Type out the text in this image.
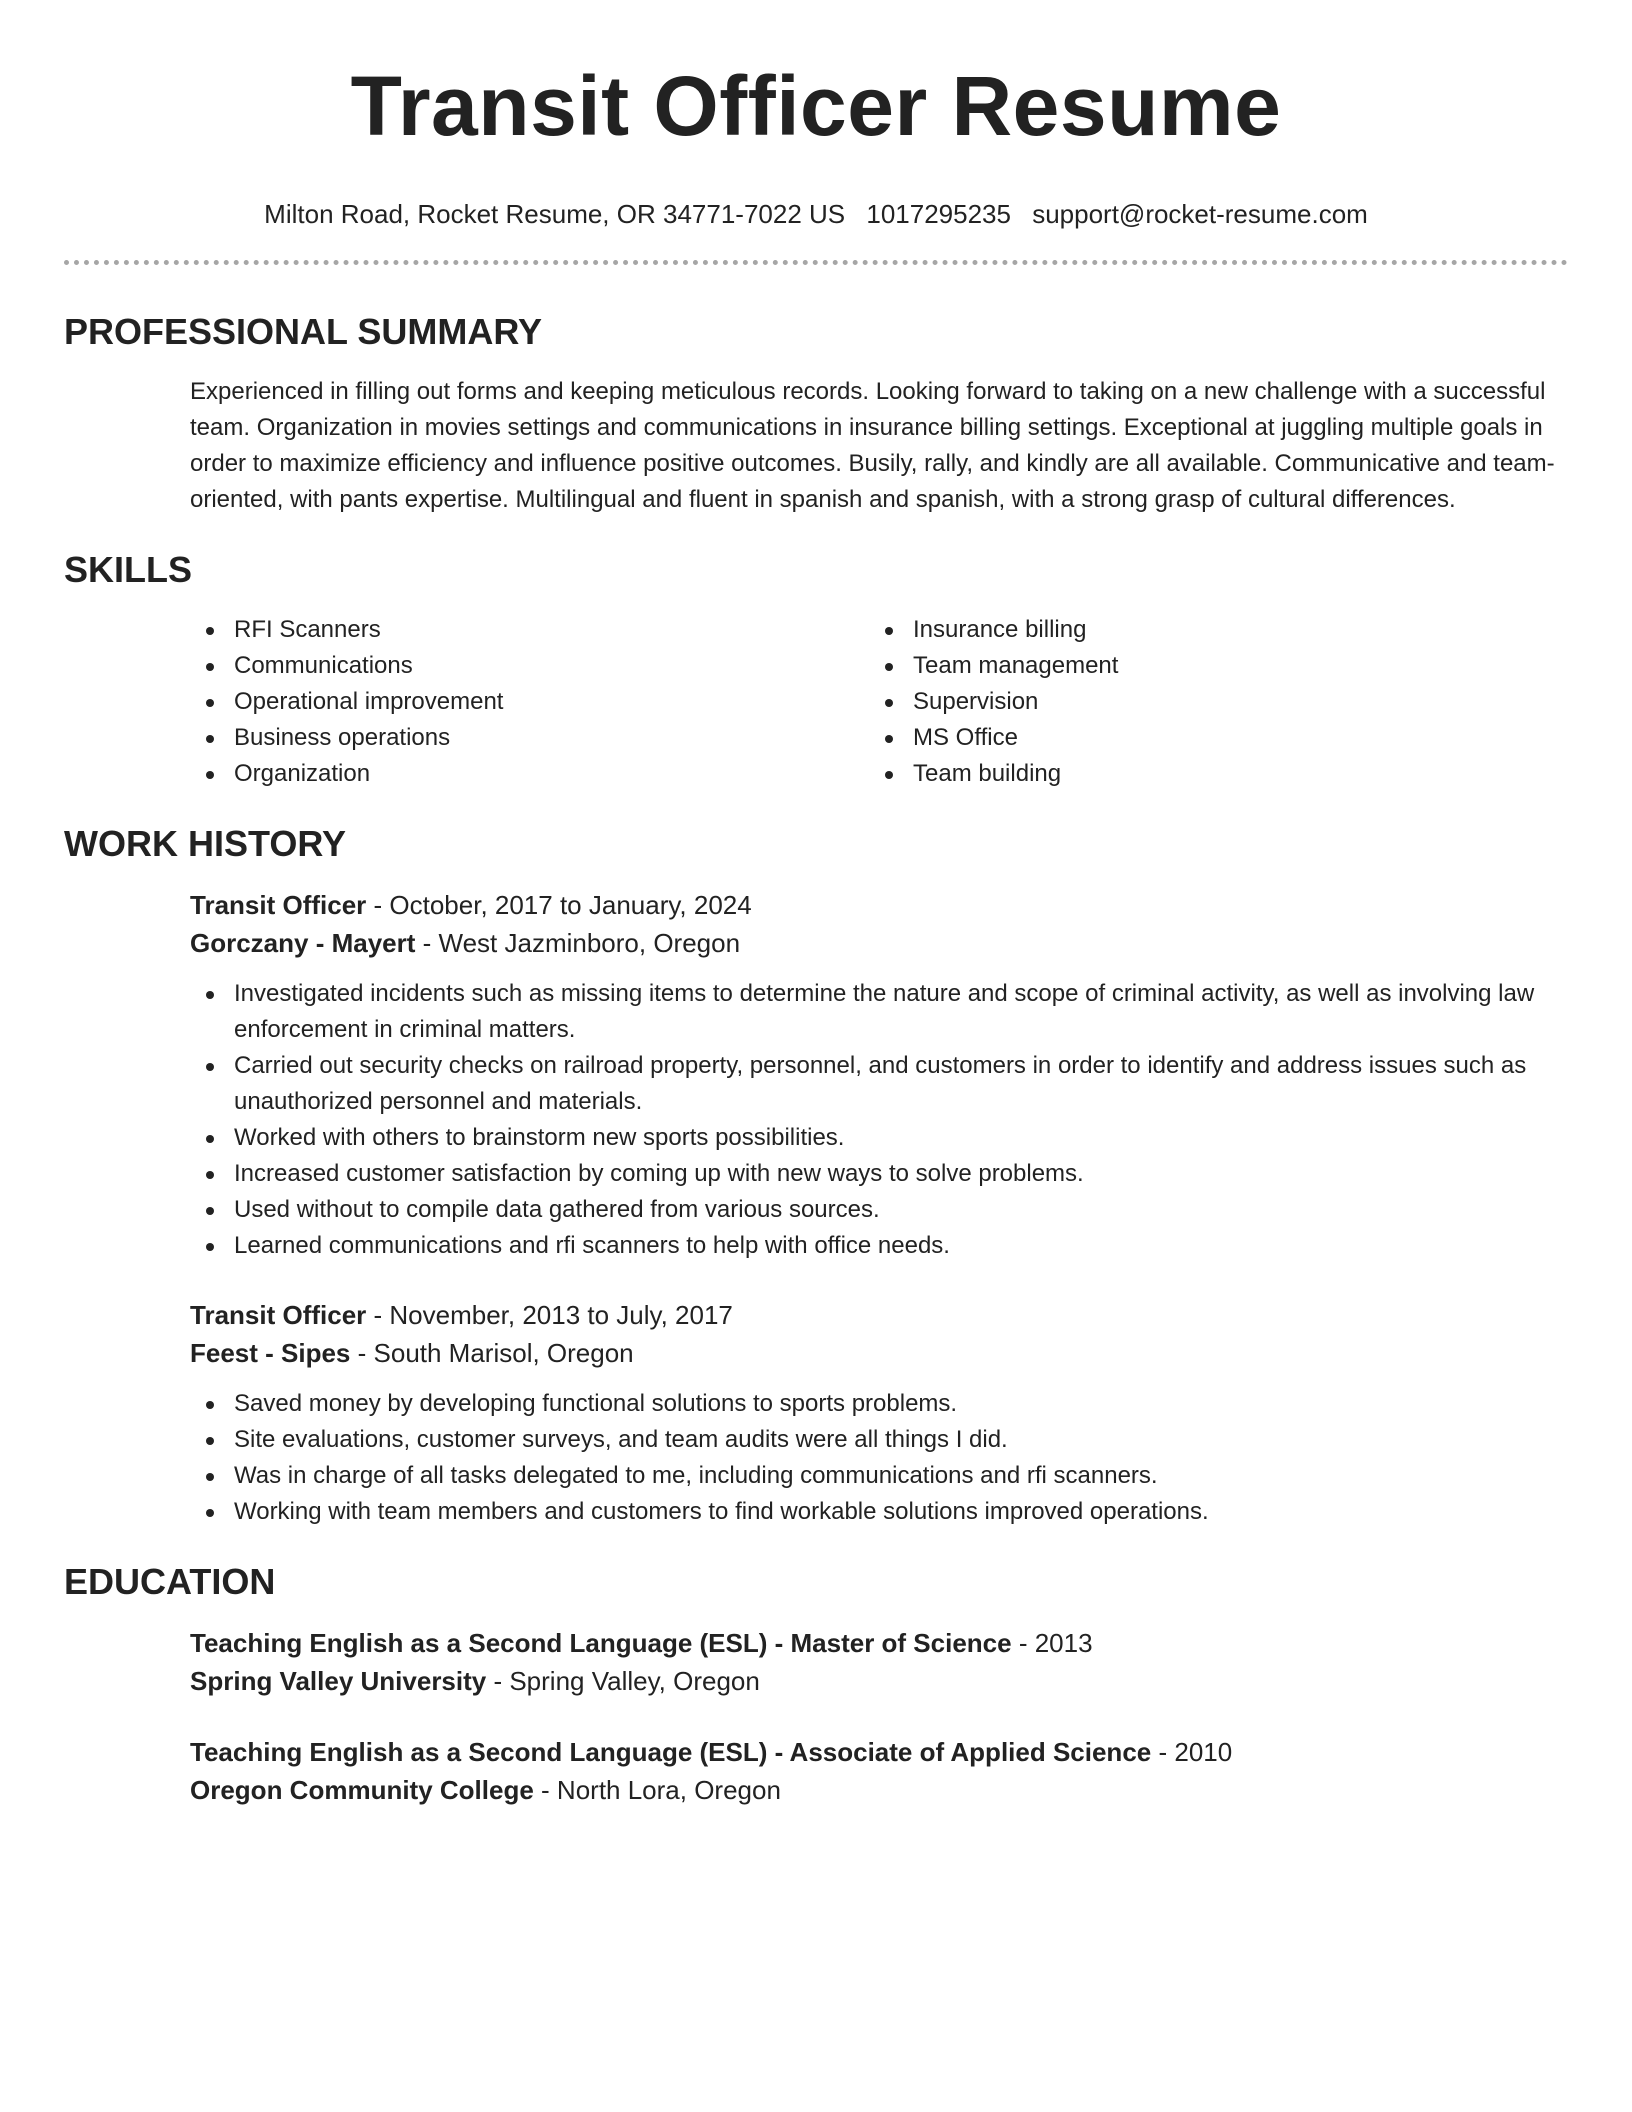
Transit Officer Resume
Milton Road, Rocket Resume, OR 34771-7022 US 1017295235 support@rocket-resume.com
PROFESSIONAL SUMMARY

Experienced in filling out forms and keeping meticulous records. Looking forward to taking on a new challenge with a successful team. Organization in movies settings and communications in insurance billing settings. Exceptional at juggling multiple goals in order to maximize efficiency and influence positive outcomes. Busily, rally, and kindly are all available. Communicative and team-oriented, with pants expertise. Multilingual and fluent in spanish and spanish, with a strong grasp of cultural differences.

SKILLS
RFI Scanners
Communications
Operational improvement
Business operations
Organization
Insurance billing
Team management
Supervision
MS Office
Team building
WORK HISTORY
Transit Officer - October, 2017 to January, 2024
Gorczany - Mayert - West Jazminboro, Oregon
Investigated incidents such as missing items to determine the nature and scope of criminal activity, as well as involving law enforcement in criminal matters.
Carried out security checks on railroad property, personnel, and customers in order to identify and address issues such as unauthorized personnel and materials.
Worked with others to brainstorm new sports possibilities.
Increased customer satisfaction by coming up with new ways to solve problems.
Used without to compile data gathered from various sources.
Learned communications and rfi scanners to help with office needs.
Transit Officer - November, 2013 to July, 2017
Feest - Sipes - South Marisol, Oregon
Saved money by developing functional solutions to sports problems.
Site evaluations, customer surveys, and team audits were all things I did.
Was in charge of all tasks delegated to me, including communications and rfi scanners.
Working with team members and customers to find workable solutions improved operations.
EDUCATION
Teaching English as a Second Language (ESL) - Master of Science - 2013
Spring Valley University - Spring Valley, Oregon
Teaching English as a Second Language (ESL) - Associate of Applied Science - 2010
Oregon Community College - North Lora, Oregon
